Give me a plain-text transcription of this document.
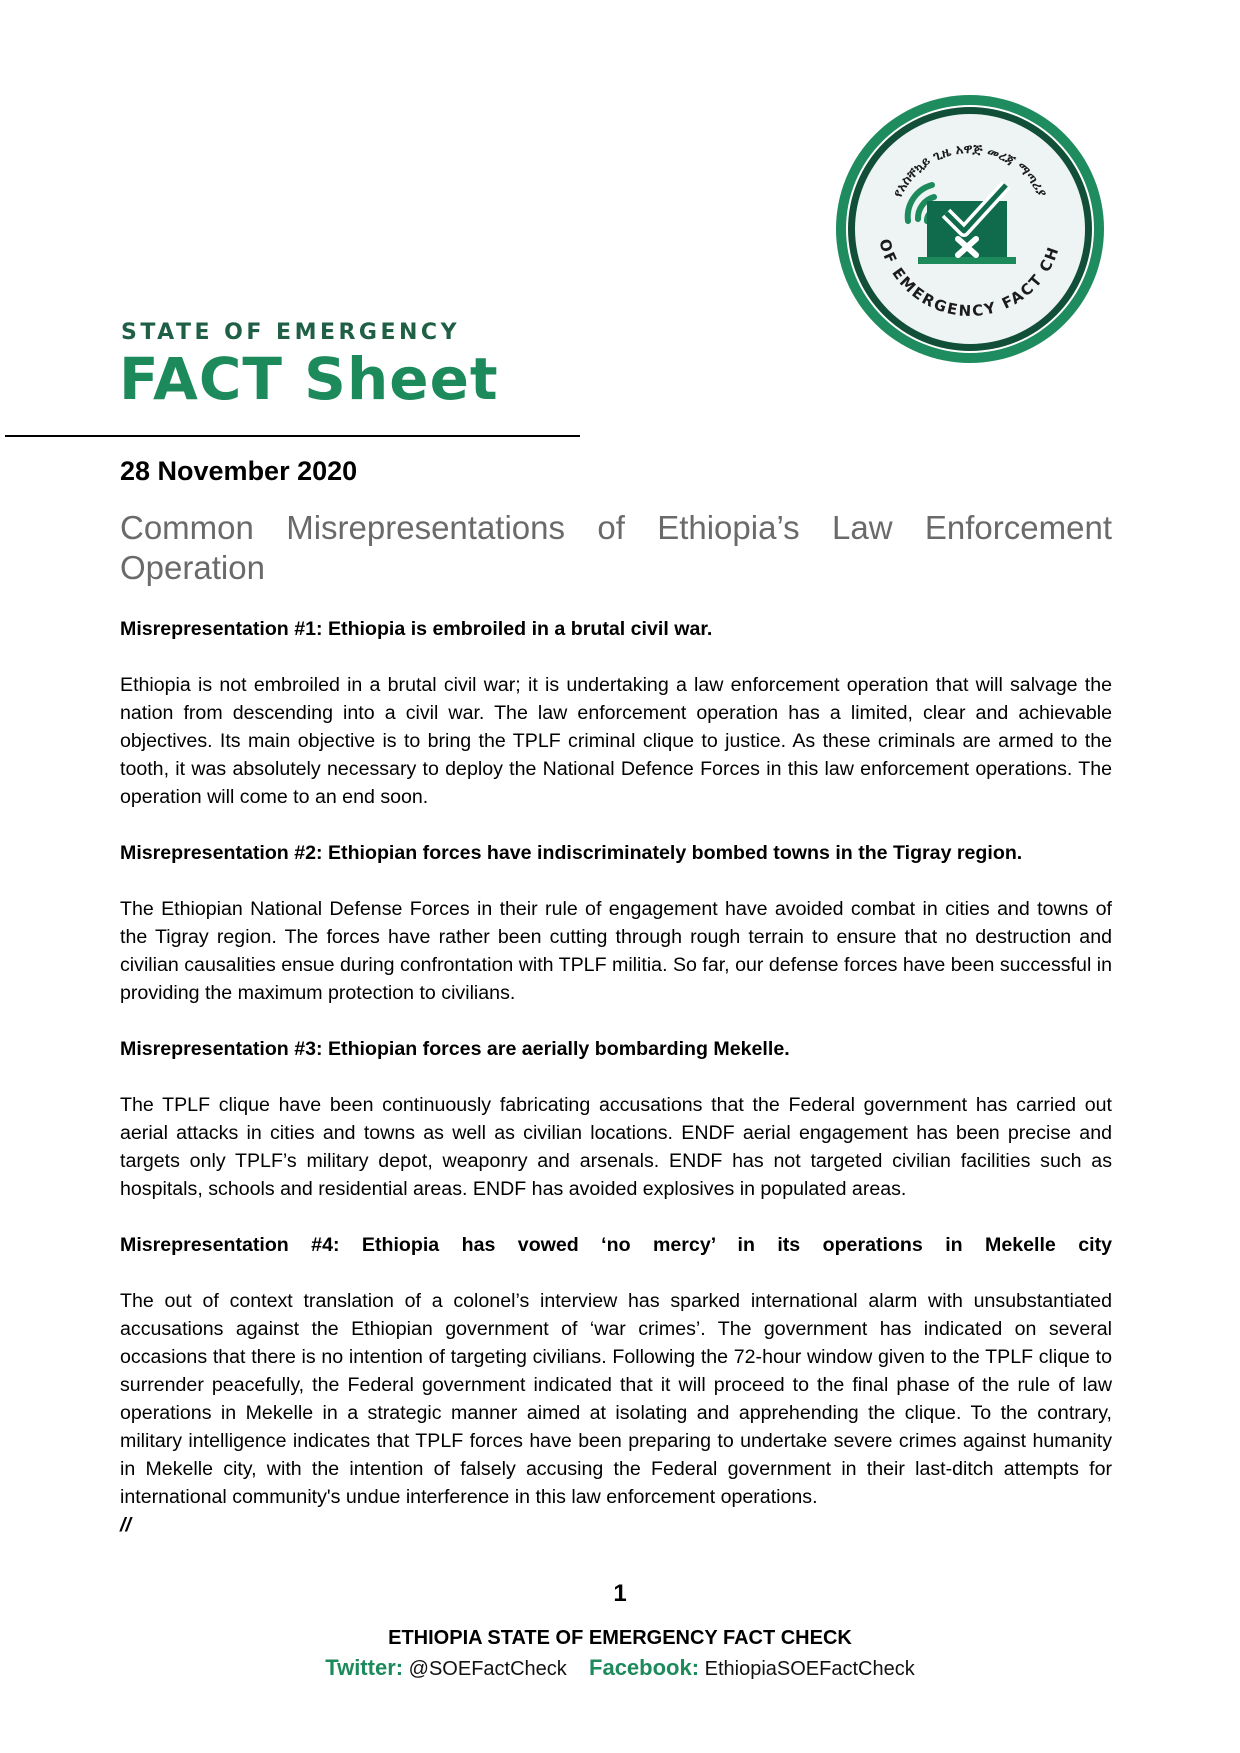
የአስቸኳይ ጊዜ አዋጅ መረጃ ማጣሪያ
OF EMERGENCY FACT CH

STATE OF EMERGENCY

FACT Sheet

28 November 2020

Common Misrepresentations of Ethiopia’s Law Enforcement Operation

Misrepresentation #1: Ethiopia is embroiled in a brutal civil war.

Ethiopia is not embroiled in a brutal civil war; it is undertaking a law enforcement operation that will salvage the nation from descending into a civil war. The law enforcement operation has a limited, clear and achievable objectives. Its main objective is to bring the TPLF criminal clique to justice. As these criminals are armed to the tooth, it was absolutely necessary to deploy the National Defence Forces in this law enforcement operations. The operation will come to an end soon.

Misrepresentation #2: Ethiopian forces have indiscriminately bombed towns in the Tigray region.

The Ethiopian National Defense Forces in their rule of engagement have avoided combat in cities and towns of the Tigray region. The forces have rather been cutting through rough terrain to ensure that no destruction and civilian causalities ensue during confrontation with TPLF militia. So far, our defense forces have been successful in providing the maximum protection to civilians.

Misrepresentation #3: Ethiopian forces are aerially bombarding Mekelle.

The TPLF clique have been continuously fabricating accusations that the Federal government has carried out aerial attacks in cities and towns as well as civilian locations. ENDF aerial engagement has been precise and targets only TPLF’s military depot, weaponry and arsenals. ENDF has not targeted civilian facilities such as hospitals, schools and residential areas. ENDF has avoided explosives in populated areas.

Misrepresentation #4: Ethiopia has vowed ‘no mercy’ in its operations in Mekelle city

The out of context translation of a colonel’s interview has sparked international alarm with unsubstantiated accusations against the Ethiopian government of ‘war crimes’. The government has indicated on several occasions that there is no intention of targeting civilians. Following the 72-hour window given to the TPLF clique to surrender peacefully, the Federal government indicated that it will proceed to the final phase of the rule of law operations in Mekelle in a strategic manner aimed at isolating and apprehending the clique. To the contrary, military intelligence indicates that TPLF forces have been preparing to undertake severe crimes against humanity in Mekelle city, with the intention of falsely accusing the Federal government in their last-ditch attempts for international community's undue interference in this law enforcement operations.

//

1

ETHIOPIA STATE OF EMERGENCY FACT CHECK

Twitter: @SOEFactCheck Facebook: EthiopiaSOEFactCheck
